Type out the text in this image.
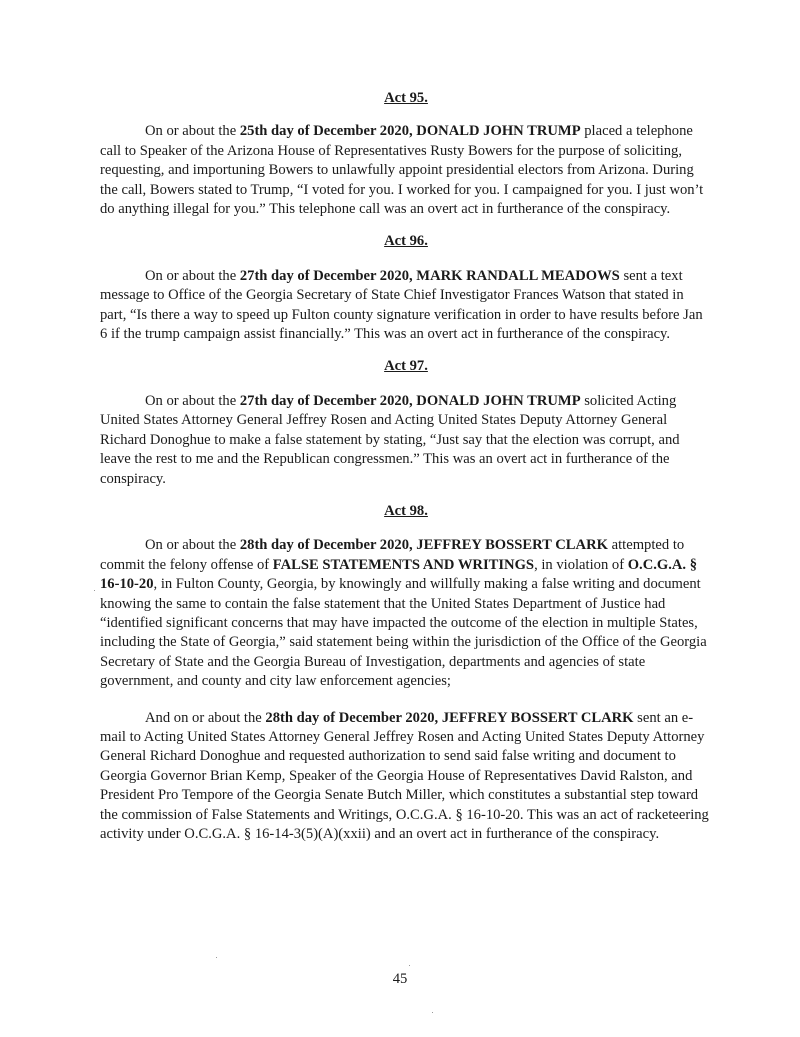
Act 95.

On or about the 25th day of December 2020, DONALD JOHN TRUMP placed a telephone call to Speaker of the Arizona House of Representatives Rusty Bowers for the purpose of soliciting, requesting, and importuning Bowers to unlawfully appoint presidential electors from Arizona. During the call, Bowers stated to Trump, “I voted for you. I worked for you. I campaigned for you. I just won’t do anything illegal for you.” This telephone call was an overt act in furtherance of the conspiracy.

Act 96.

On or about the 27th day of December 2020, MARK RANDALL MEADOWS sent a text message to Office of the Georgia Secretary of State Chief Investigator Frances Watson that stated in part, “Is there a way to speed up Fulton county signature verification in order to have results before Jan 6 if the trump campaign assist financially.” This was an overt act in furtherance of the conspiracy.

Act 97.

On or about the 27th day of December 2020, DONALD JOHN TRUMP solicited Acting United States Attorney General Jeffrey Rosen and Acting United States Deputy Attorney General Richard Donoghue to make a false statement by stating, “Just say that the election was corrupt, and leave the rest to me and the Republican congressmen.” This was an overt act in furtherance of the conspiracy.

Act 98.

On or about the 28th day of December 2020, JEFFREY BOSSERT CLARK attempted to commit the felony offense of FALSE STATEMENTS AND WRITINGS, in violation of O.C.G.A. § 16-10-20, in Fulton County, Georgia, by knowingly and willfully making a false writing and document knowing the same to contain the false statement that the United States Department of Justice had “identified significant concerns that may have impacted the outcome of the election in multiple States, including the State of Georgia,” said statement being within the jurisdiction of the Office of the Georgia Secretary of State and the Georgia Bureau of Investigation, departments and agencies of state government, and county and city law enforcement agencies;

And on or about the 28th day of December 2020, JEFFREY BOSSERT CLARK sent an e-mail to Acting United States Attorney General Jeffrey Rosen and Acting United States Deputy Attorney General Richard Donoghue and requested authorization to send said false writing and document to Georgia Governor Brian Kemp, Speaker of the Georgia House of Representatives David Ralston, and President Pro Tempore of the Georgia Senate Butch Miller, which constitutes a substantial step toward the commission of False Statements and Writings, O.C.G.A. § 16-10-20. This was an act of racketeering activity under O.C.G.A. § 16-14-3(5)(A)(xxii) and an overt act in furtherance of the conspiracy.

45
